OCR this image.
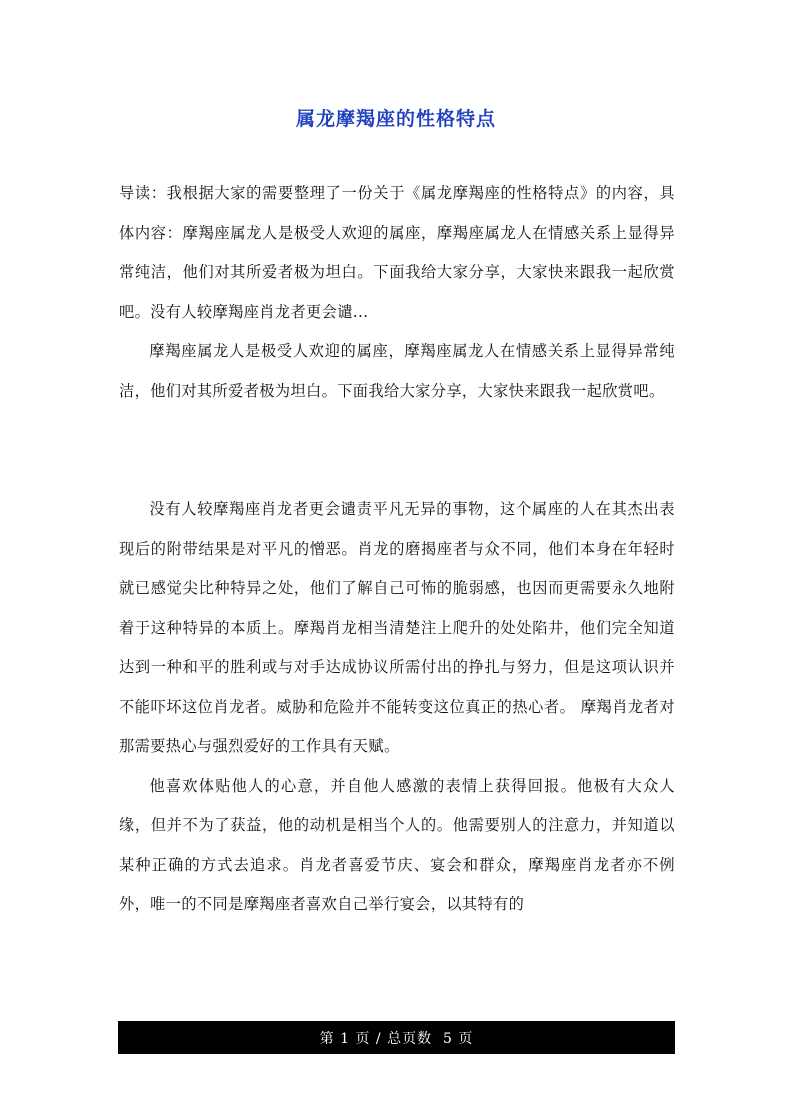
属龙摩羯座的性格特点

导读：我根据大家的需要整理了一份关于《属龙摩羯座的性格特点》的内容，具体内容：摩羯座属龙人是极受人欢迎的属座，摩羯座属龙人在情感关系上显得异常纯洁，他们对其所爱者极为坦白。下面我给大家分享，大家快来跟我一起欣赏吧。没有人较摩羯座肖龙者更会谴...

摩羯座属龙人是极受人欢迎的属座，摩羯座属龙人在情感关系上显得异常纯洁，他们对其所爱者极为坦白。下面我给大家分享，大家快来跟我一起欣赏吧。

没有人较摩羯座肖龙者更会谴责平凡无异的事物，这个属座的人在其杰出表现后的附带结果是对平凡的憎恶。肖龙的磨揭座者与众不同，他们本身在年轻时就已感觉尖比种特异之处，他们了解自己可怖的脆弱感，也因而更需要永久地附着于这种特异的本质上。摩羯肖龙相当清楚注上爬升的处处陷井，他们完全知道达到一种和平的胜利或与对手达成协议所需付出的挣扎与努力，但是这项认识并不能吓坏这位肖龙者。威胁和危险并不能转变这位真正的热心者。 摩羯肖龙者对那需要热心与强烈爱好的工作具有天赋。

他喜欢体贴他人的心意，并自他人感激的表情上获得回报。他极有大众人缘，但并不为了获益，他的动机是相当个人的。他需要别人的注意力，并知道以某种正确的方式去追求。肖龙者喜爱节庆、宴会和群众，摩羯座肖龙者亦不例外，唯一的不同是摩羯座者喜欢自己举行宴会，以其特有的

第 1 页 / 总页数  5 页
